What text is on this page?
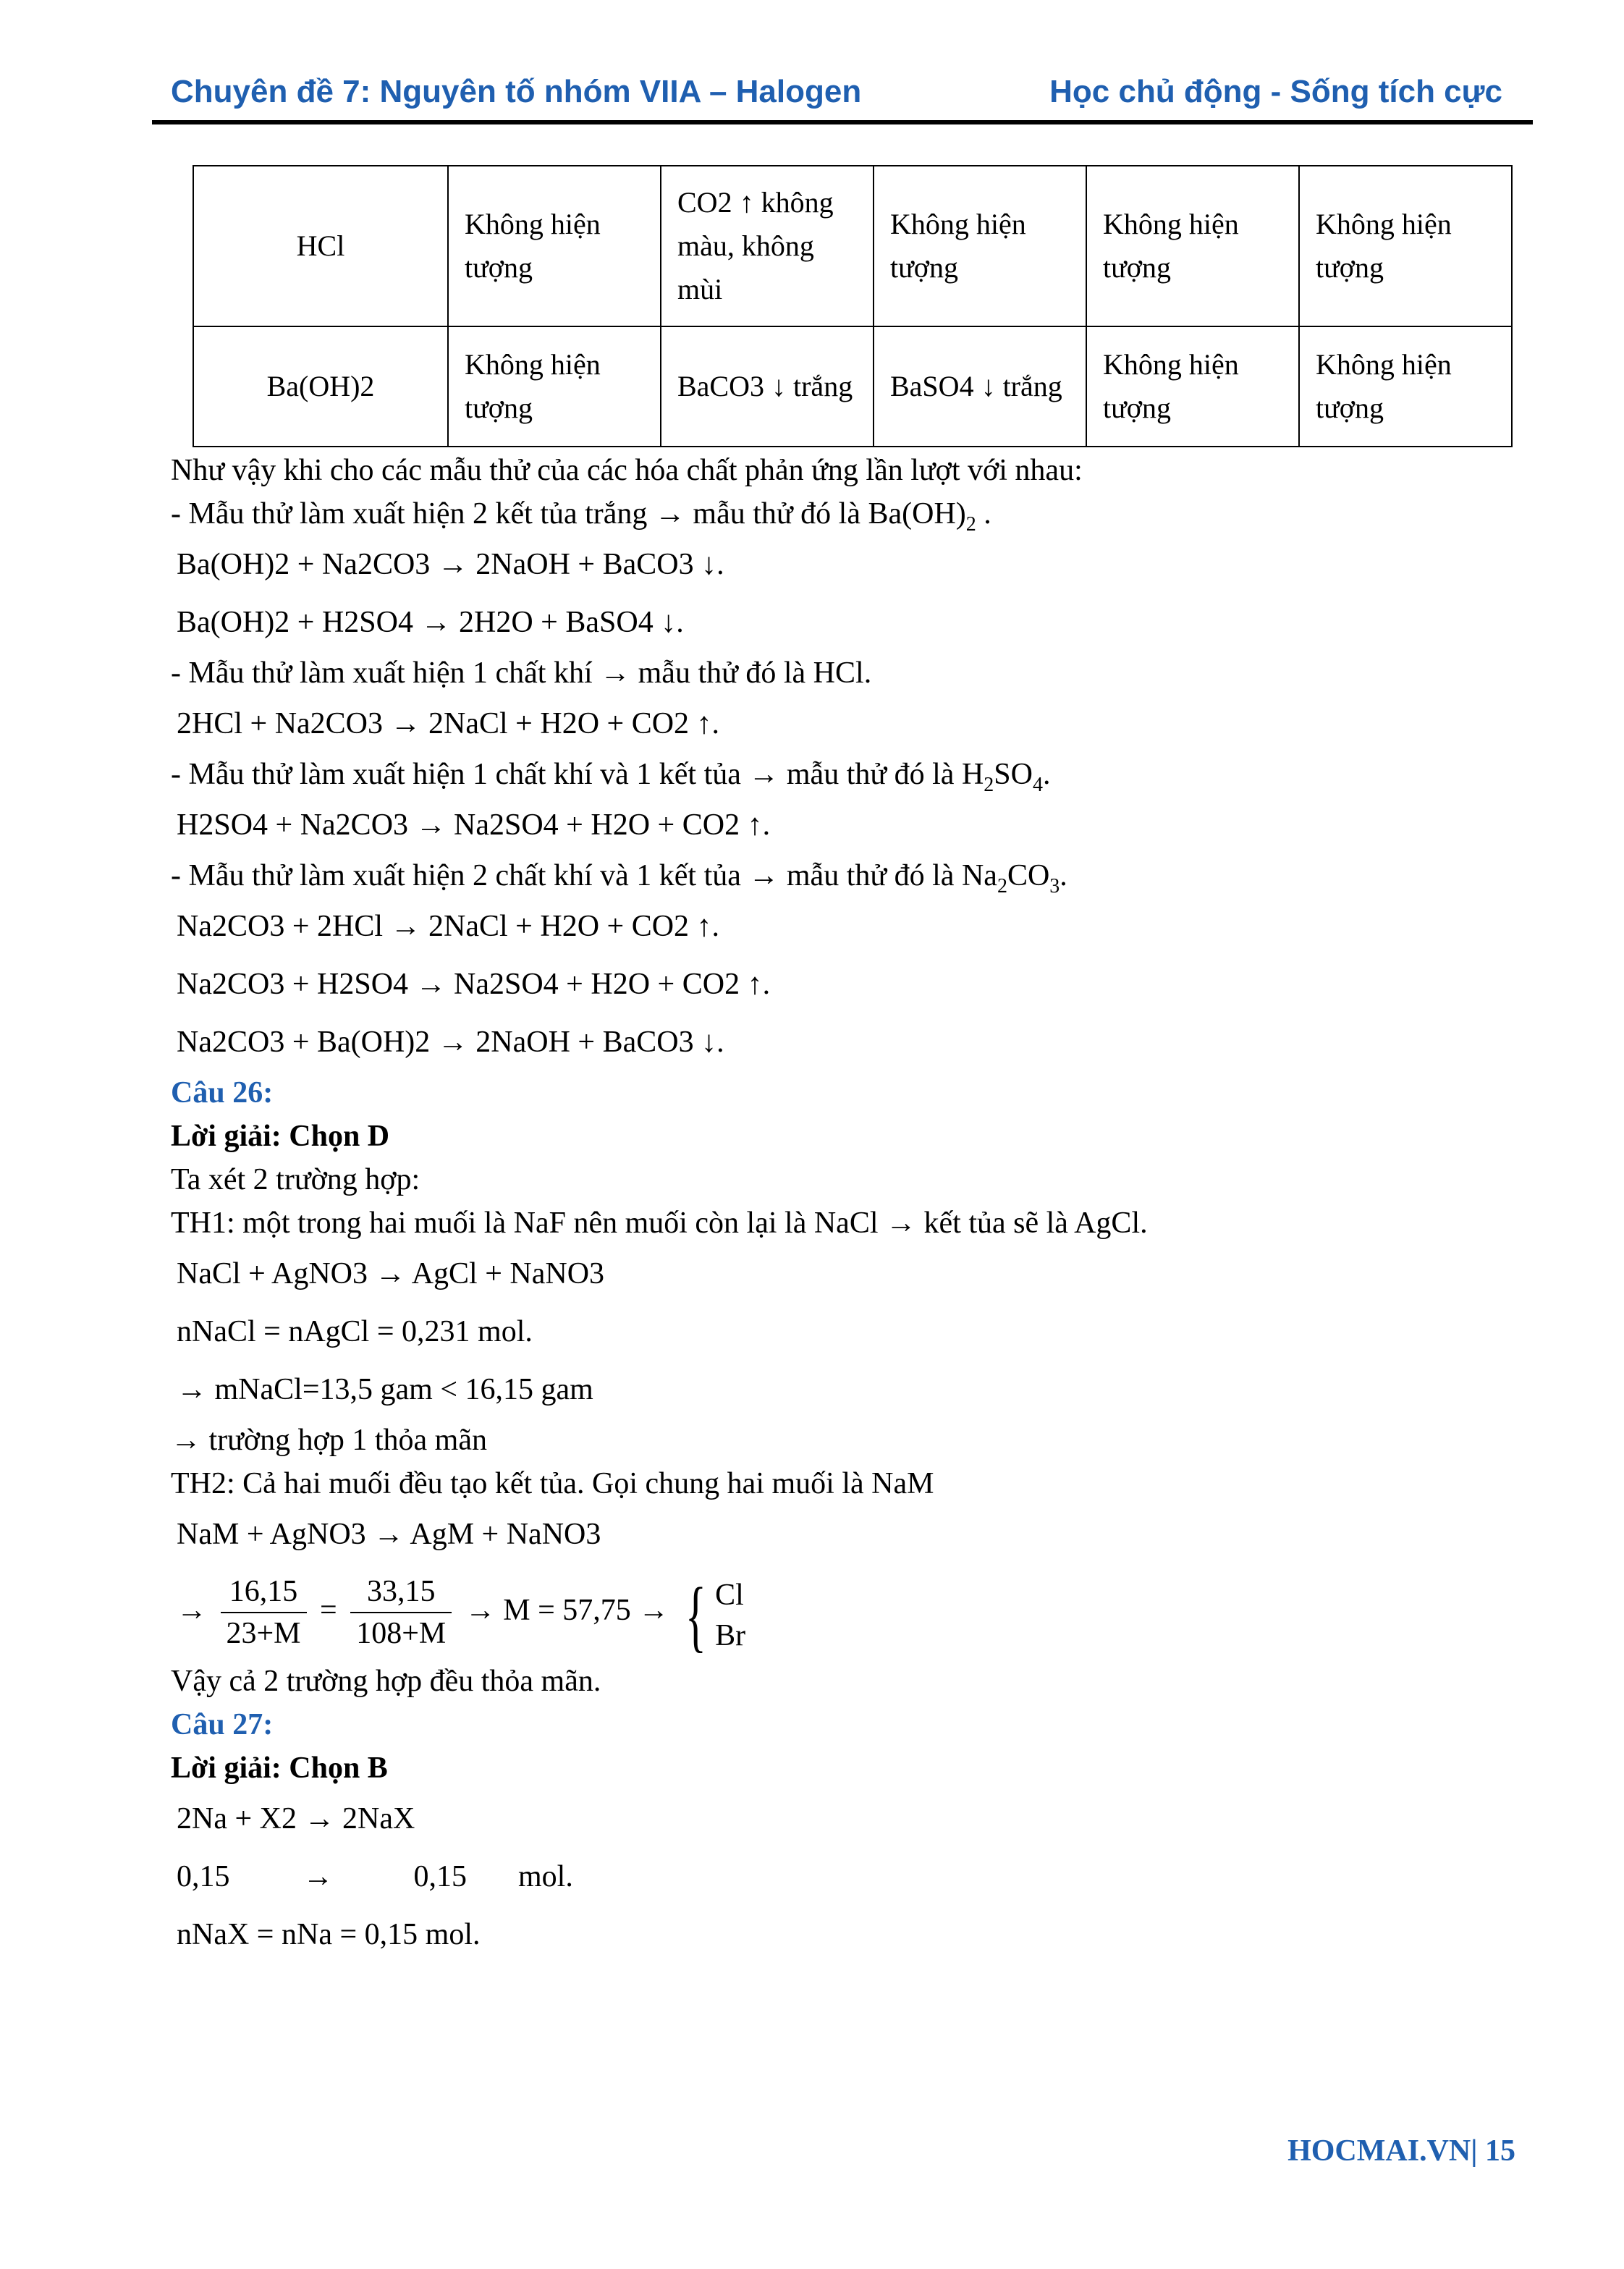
Chuyên đề 7: Nguyên tố nhóm VIIA – Halogen	Học chủ động - Sống tích cực
HCl	Không hiện tượng	CO2 ↑ không màu, không mùi	Không hiện tượng	Không hiện tượng	Không hiện tượng
Ba(OH)2	Không hiện tượng	BaCO3 ↓ trắng	BaSO4 ↓ trắng	Không hiện tượng	Không hiện tượng
Như vậy khi cho các mẫu thử của các hóa chất phản ứng lần lượt với nhau:
- Mẫu thử làm xuất hiện 2 kết tủa trắng → mẫu thử đó là $Ba(OH)_2$ .
Ba(OH)2 + Na2CO3 → 2NaOH + BaCO3 ↓.
Ba(OH)2 + H2SO4 → 2H2O + BaSO4 ↓.
- Mẫu thử làm xuất hiện 1 chất khí → mẫu thử đó là HCl.
2HCl + Na2CO3 → 2NaCl + H2O + CO2 ↑.
- Mẫu thử làm xuất hiện 1 chất khí và 1 kết tủa → mẫu thử đó là $H_2SO_4$.
H2SO4 + Na2CO3 → Na2SO4 + H2O + CO2 ↑.
- Mẫu thử làm xuất hiện 2 chất khí và 1 kết tủa → mẫu thử đó là $Na_2CO_3$.
Na2CO3 + 2HCl → 2NaCl + H2O + CO2 ↑.
Na2CO3 + H2SO4 → Na2SO4 + H2O + CO2 ↑.
Na2CO3 + Ba(OH)2 → 2NaOH + BaCO3 ↓.
Câu 26:
Lời giải: Chọn D
Ta xét 2 trường hợp:
TH1: một trong hai muối là NaF nên muối còn lại là NaCl → kết tủa sẽ là AgCl.
NaCl + AgNO3 → AgCl + NaNO3
nNaCl = nAgCl = 0,231 mol.
→ mNaCl=13,5 gam < 16,15 gam
→ trường hợp 1 thỏa mãn
TH2: Cả hai muối đều tạo kết tủa. Gọi chung hai muối là NaM
NaM + AgNO3 → AgM + NaNO3
→ $\frac{16,15}{23+M} = \frac{33,15}{108+M} \to M = 57,75$ → { Cl
Br
Vậy cả 2 trường hợp đều thỏa mãn.
Câu 27:
Lời giải: Chọn B
2Na + X2 → 2NaX
0,15 →	0,15 mol.
nNaX = nNa = 0,15 mol.
HOCMAI.VN| 15
